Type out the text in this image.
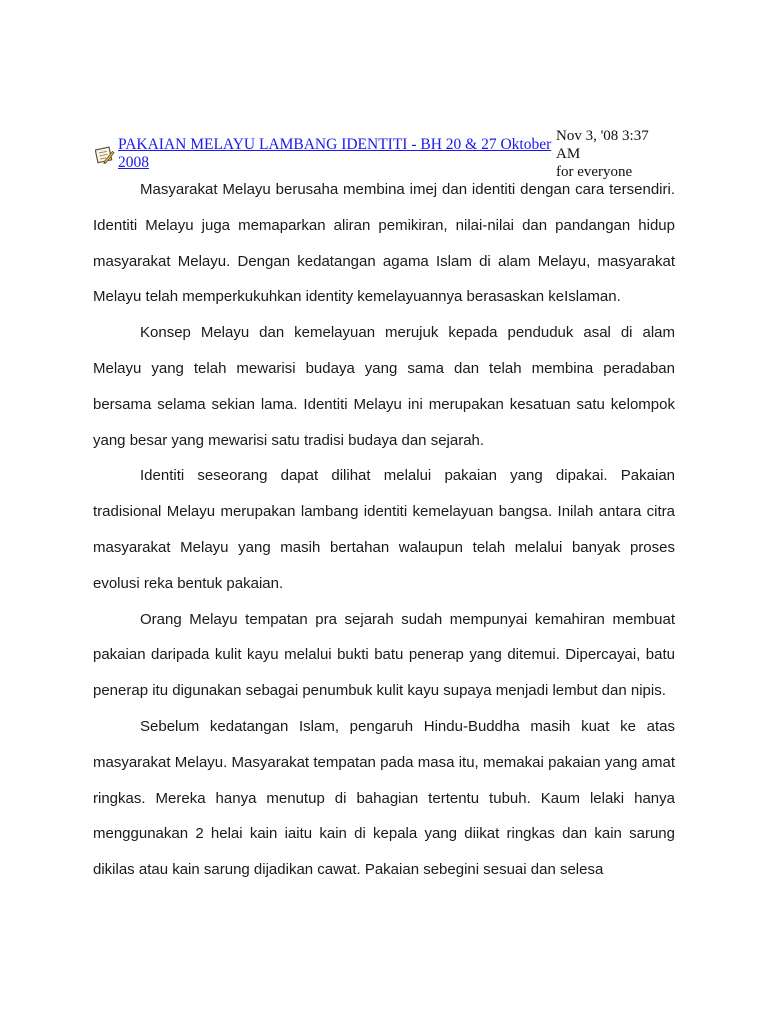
PAKAIAN MELAYU LAMBANG IDENTITI - BH 20 & 27 Oktober 2008
Nov 3, '08 3:37
AM
for everyone

Masyarakat Melayu berusaha membina imej dan identiti dengan cara tersendiri. Identiti Melayu juga memaparkan aliran pemikiran, nilai-nilai dan pandangan hidup masyarakat Melayu. Dengan kedatangan agama Islam di alam Melayu, masyarakat Melayu telah memperkukuhkan identity kemelayuannya berasaskan keIslaman.

Konsep Melayu dan kemelayuan merujuk kepada penduduk asal di alam Melayu yang telah mewarisi budaya yang sama dan telah membina peradaban bersama selama sekian lama. Identiti Melayu ini merupakan kesatuan satu kelompok yang besar yang mewarisi satu tradisi budaya dan sejarah.

Identiti seseorang dapat dilihat melalui pakaian yang dipakai. Pakaian tradisional Melayu merupakan lambang identiti kemelayuan bangsa. Inilah antara citra masyarakat Melayu yang masih bertahan walaupun telah melalui banyak proses evolusi reka bentuk pakaian.

Orang Melayu tempatan pra sejarah sudah mempunyai kemahiran membuat pakaian daripada kulit kayu melalui bukti batu penerap yang ditemui. Dipercayai, batu penerap itu digunakan sebagai penumbuk kulit kayu supaya menjadi lembut dan nipis.

Sebelum kedatangan Islam, pengaruh Hindu-Buddha masih kuat ke atas masyarakat Melayu. Masyarakat tempatan pada masa itu, memakai pakaian yang amat ringkas. Mereka hanya menutup di bahagian tertentu tubuh. Kaum lelaki hanya menggunakan 2 helai kain iaitu kain di kepala yang diikat ringkas dan kain sarung dikilas atau kain sarung dijadikan cawat. Pakaian sebegini sesuai dan selesa
